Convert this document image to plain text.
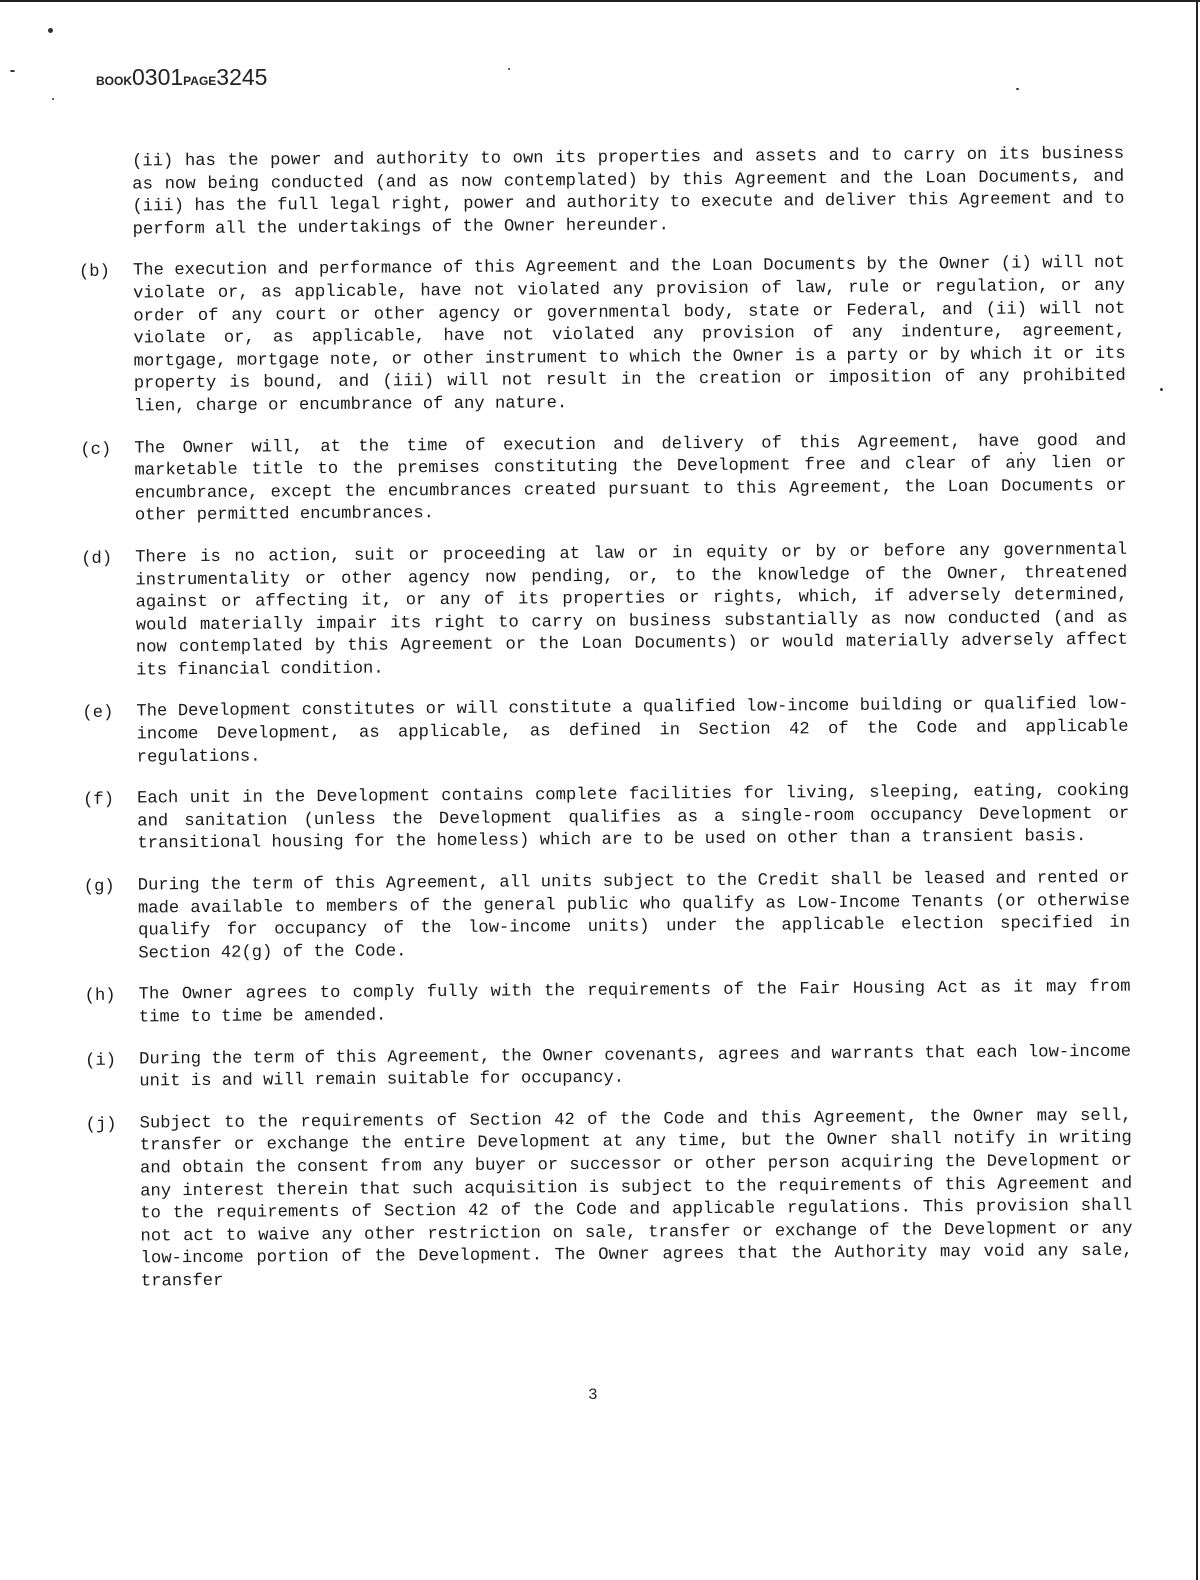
BOOK0301PAGE3245
(ii) has the power and authority to own its properties and assets and to carry on its business as now being conducted (and as now contemplated) by this Agreement and the Loan Documents, and (iii) has the full legal right, power and authority to execute and deliver this Agreement and to perform all the undertakings of the Owner hereunder.
(b) The execution and performance of this Agreement and the Loan Documents by the Owner (i) will not violate or, as applicable, have not violated any provision of law, rule or regulation, or any order of any court or other agency or governmental body, state or Federal, and (ii) will not violate or, as applicable, have not violated any provision of any indenture, agreement, mortgage, mortgage note, or other instrument to which the Owner is a party or by which it or its property is bound, and (iii) will not result in the creation or imposition of any prohibited lien, charge or encumbrance of any nature.
(c) The Owner will, at the time of execution and delivery of this Agreement, have good and marketable title to the premises constituting the Development free and clear of any lien or encumbrance, except the encumbrances created pursuant to this Agreement, the Loan Documents or other permitted encumbrances.
(d) There is no action, suit or proceeding at law or in equity or by or before any governmental instrumentality or other agency now pending, or, to the knowledge of the Owner, threatened against or affecting it, or any of its properties or rights, which, if adversely determined, would materially impair its right to carry on business substantially as now conducted (and as now contemplated by this Agreement or the Loan Documents) or would materially adversely affect its financial condition.
(e) The Development constitutes or will constitute a qualified low-income building or qualified low-income Development, as applicable, as defined in Section 42 of the Code and applicable regulations.
(f) Each unit in the Development contains complete facilities for living, sleeping, eating, cooking and sanitation (unless the Development qualifies as a single-room occupancy Development or transitional housing for the homeless) which are to be used on other than a transient basis.
(g) During the term of this Agreement, all units subject to the Credit shall be leased and rented or made available to members of the general public who qualify as Low-Income Tenants (or otherwise qualify for occupancy of the low-income units) under the applicable election specified in Section 42(g) of the Code.
(h) The Owner agrees to comply fully with the requirements of the Fair Housing Act as it may from time to time be amended.
(i) During the term of this Agreement, the Owner covenants, agrees and warrants that each low-income unit is and will remain suitable for occupancy.
(j) Subject to the requirements of Section 42 of the Code and this Agreement, the Owner may sell, transfer or exchange the entire Development at any time, but the Owner shall notify in writing and obtain the consent from any buyer or successor or other person acquiring the Development or any interest therein that such acquisition is subject to the requirements of this Agreement and to the requirements of Section 42 of the Code and applicable regulations. This provision shall not act to waive any other restriction on sale, transfer or exchange of the Development or any low-income portion of the Development. The Owner agrees that the Authority may void any sale, transfer
3
